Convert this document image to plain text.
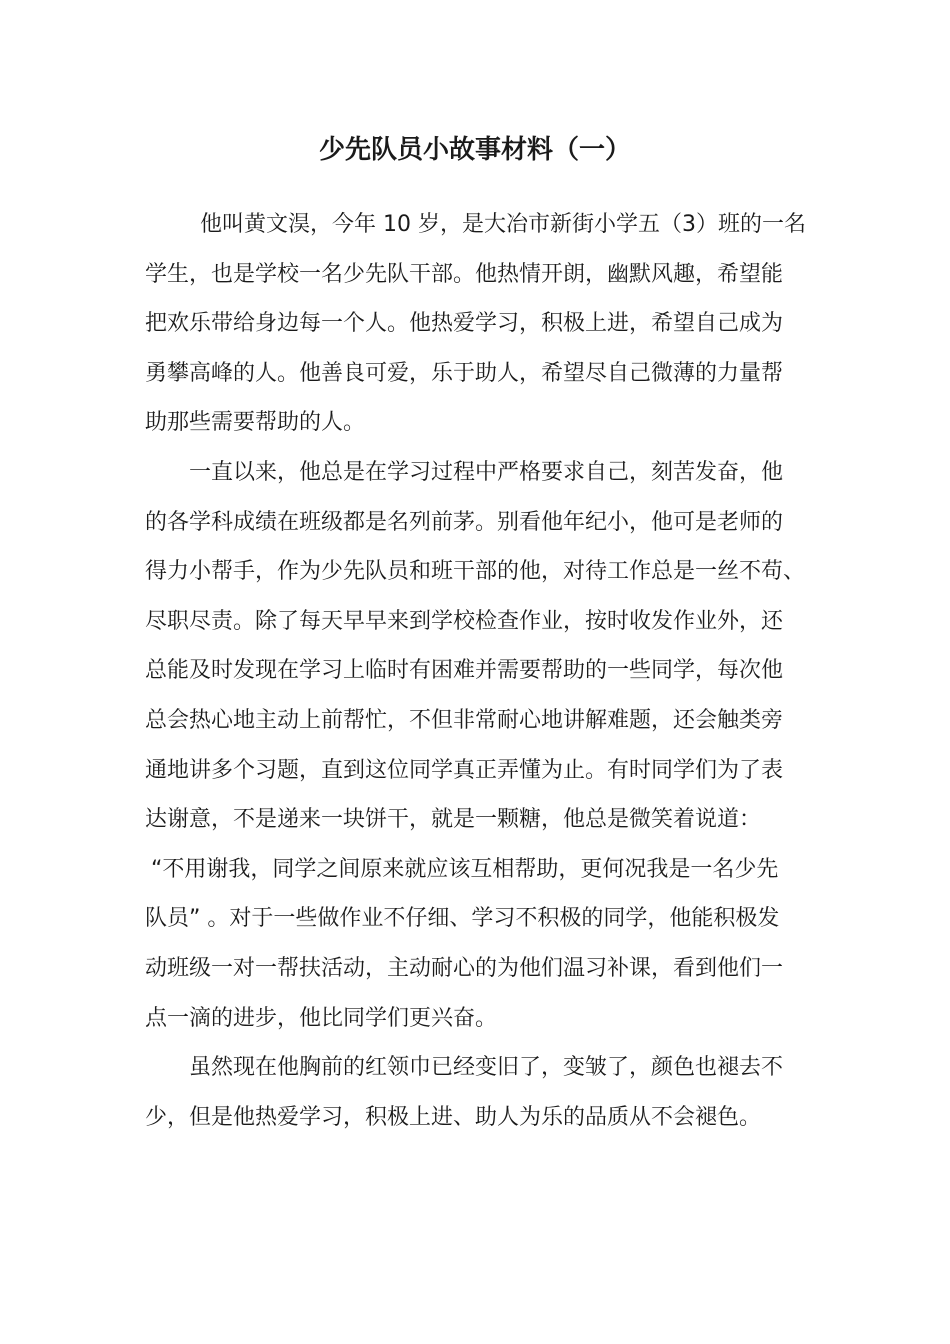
少先队员小故事材料（一）
他叫黄文淏，今年 10 岁，是大冶市新街小学五（3）班的一名
学生，也是学校一名少先队干部。他热情开朗，幽默风趣，希望能
把欢乐带给身边每一个人。他热爱学习，积极上进，希望自己成为
勇攀高峰的人。他善良可爱，乐于助人，希望尽自己微薄的力量帮
助那些需要帮助的人。
一直以来，他总是在学习过程中严格要求自己，刻苦发奋，他
的各学科成绩在班级都是名列前茅。别看他年纪小，他可是老师的
得力小帮手，作为少先队员和班干部的他，对待工作总是一丝不苟、
尽职尽责。除了每天早早来到学校检查作业，按时收发作业外，还
总能及时发现在学习上临时有困难并需要帮助的一些同学，每次他
总会热心地主动上前帮忙，不但非常耐心地讲解难题，还会触类旁
通地讲多个习题，直到这位同学真正弄懂为止。有时同学们为了表
达谢意，不是递来一块饼干，就是一颗糖，他总是微笑着说道：
“不用谢我，同学之间原来就应该互相帮助，更何况我是一名少先
队员” 。对于一些做作业不仔细、学习不积极的同学，他能积极发
动班级一对一帮扶活动，主动耐心的为他们温习补课，看到他们一
点一滴的进步，他比同学们更兴奋。
虽然现在他胸前的红领巾已经变旧了，变皱了，颜色也褪去不
少，但是他热爱学习，积极上进、助人为乐的品质从不会褪色。
